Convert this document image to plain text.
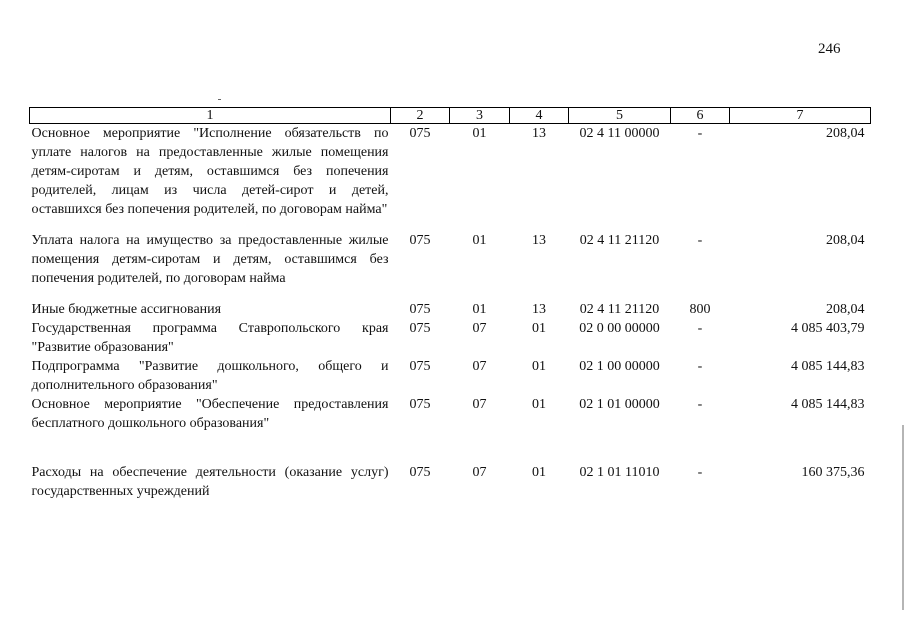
246
1	2	3	4	5	6	7
Основное мероприятие "Исполнение обязательств по уплате налогов на предоставленные жилые помещения детям-сиротам и детям, оставшимся без попечения родителей, лицам из числа детей-сирот и детей, оставшихся без попечения родителей, по договорам найма"	075	01	13	02 4 11 00000	-	208,04
Уплата налога на имущество за предоставленные жилые помещения детям-сиротам и детям, оставшимся без попечения родителей, по договорам найма	075	01	13	02 4 11 21120	-	208,04
Иные бюджетные ассигнования	075	01	13	02 4 11 21120	800	208,04
Государственная программа Ставропольского края "Развитие образования"	075	07	01	02 0 00 00000	-	4 085 403,79
Подпрограмма "Развитие дошкольного, общего и дополнительного образования"	075	07	01	02 1 00 00000	-	4 085 144,83
Основное мероприятие "Обеспечение предоставления бесплатного дошкольного образования"	075	07	01	02 1 01 00000	-	4 085 144,83
Расходы на обеспечение деятельности (оказание услуг) государственных учреждений	075	07	01	02 1 01 11010	-	160 375,36
